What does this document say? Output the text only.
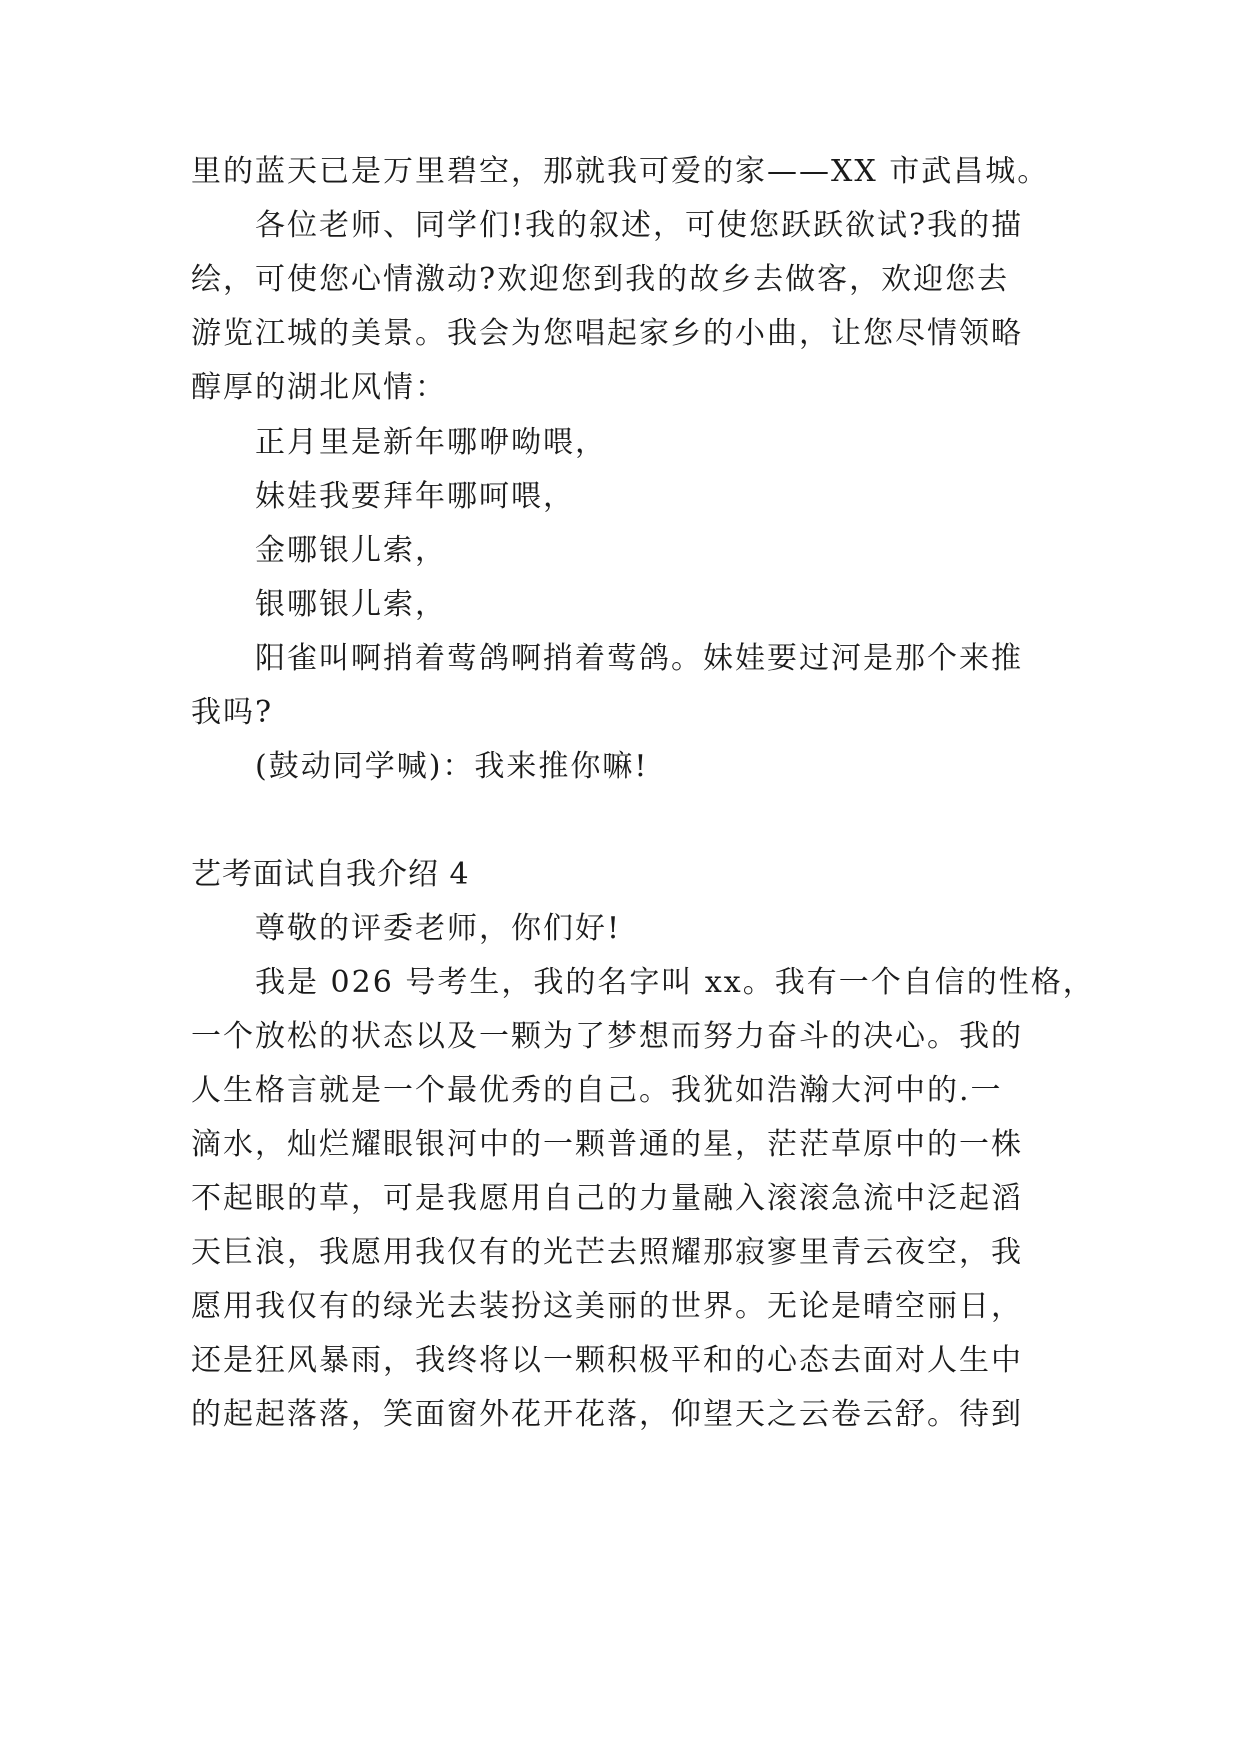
里的蓝天已是万里碧空，那就我可爱的家——XX 市武昌城。
各位老师、同学们!我的叙述，可使您跃跃欲试?我的描
绘，可使您心情激动?欢迎您到我的故乡去做客，欢迎您去
游览江城的美景。我会为您唱起家乡的小曲，让您尽情领略
醇厚的湖北风情：
正月里是新年哪咿呦喂，
妹娃我要拜年哪呵喂，
金哪银儿索，
银哪银儿索，
阳雀叫啊捎着莺鸽啊捎着莺鸽。妹娃要过河是那个来推
我吗?
(鼓动同学喊)：我来推你嘛!
艺考面试自我介绍 4
尊敬的评委老师，你们好!
我是 026 号考生，我的名字叫 xx。我有一个自信的性格，
一个放松的状态以及一颗为了梦想而努力奋斗的决心。我的
人生格言就是一个最优秀的自己。我犹如浩瀚大河中的.一
滴水，灿烂耀眼银河中的一颗普通的星，茫茫草原中的一株
不起眼的草，可是我愿用自己的力量融入滚滚急流中泛起滔
天巨浪，我愿用我仅有的光芒去照耀那寂寥里青云夜空，我
愿用我仅有的绿光去装扮这美丽的世界。无论是晴空丽日，
还是狂风暴雨，我终将以一颗积极平和的心态去面对人生中
的起起落落，笑面窗外花开花落，仰望天之云卷云舒。待到
